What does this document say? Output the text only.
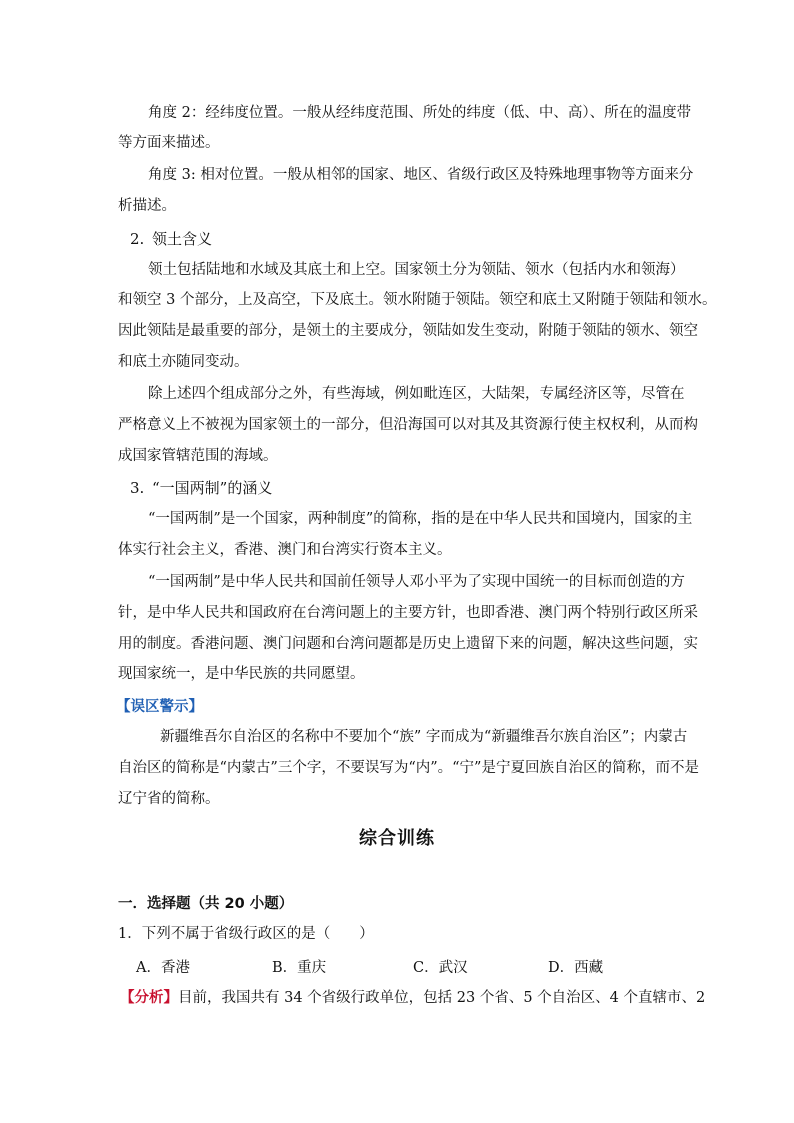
角度 2：经纬度位置。一般从经纬度范围、所处的纬度（低、中、高）、所在的温度带
等方面来描述。
角度 3: 相对位置。一般从相邻的国家、地区、省级行政区及特殊地理事物等方面来分
析描述。
2. 领土含义
领土包括陆地和水域及其底土和上空。国家领土分为领陆、领水（包括内水和领海）
和领空 3 个部分，上及高空，下及底土。领水附随于领陆。领空和底土又附随于领陆和领水。
因此领陆是最重要的部分，是领土的主要成分，领陆如发生变动，附随于领陆的领水、领空
和底土亦随同变动。
除上述四个组成部分之外，有些海域，例如毗连区，大陆架，专属经济区等，尽管在
严格意义上不被视为国家领土的一部分，但沿海国可以对其及其资源行使主权权利，从而构
成国家管辖范围的海域。
3. “一国两制”的涵义
“一国两制”是一个国家，两种制度”的简称，指的是在中华人民共和国境内，国家的主
体实行社会主义，香港、澳门和台湾实行资本主义。
“一国两制”是中华人民共和国前任领导人邓小平为了实现中国统一的目标而创造的方
针，是中华人民共和国政府在台湾问题上的主要方针，也即香港、澳门两个特别行政区所采
用的制度。香港问题、澳门问题和台湾问题都是历史上遗留下来的问题，解决这些问题，实
现国家统一，是中华民族的共同愿望。
【误区警示】
新疆维吾尔自治区的名称中不要加个“族” 字而成为“新疆维吾尔族自治区”；内蒙古
自治区的简称是“内蒙古”三个字，不要误写为“内”。“宁”是宁夏回族自治区的简称，而不是
辽宁省的简称。
综合训练
一．选择题（共 20 小题）
1．下列不属于省级行政区的是（　　）
A．香港	B．重庆	C．武汉	D．西藏
【分析】目前，我国共有 34 个省级行政单位，包括 23 个省、5 个自治区、4 个直辖市、2
